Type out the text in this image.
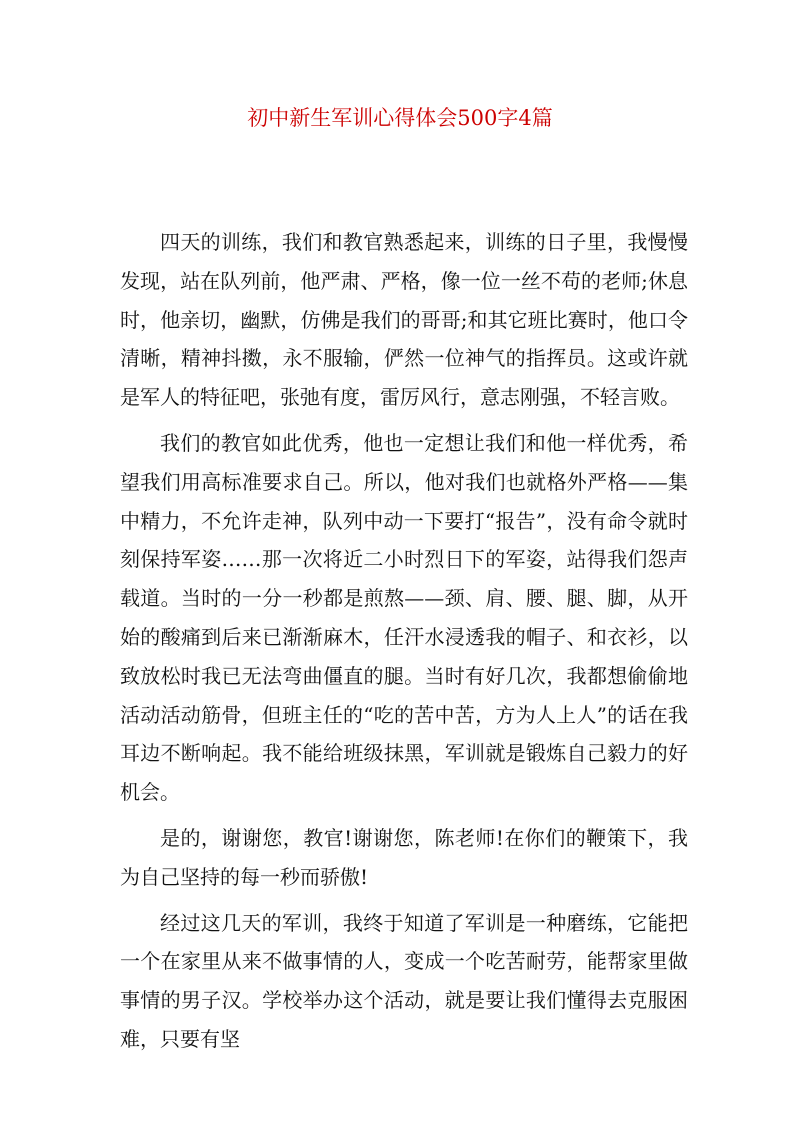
初中新生军训心得体会500字4篇

四天的训练，我们和教官熟悉起来，训练的日子里，我慢慢发现，站在队列前，他严肃、严格，像一位一丝不苟的老师;休息时，他亲切，幽默，仿佛是我们的哥哥;和其它班比赛时，他口令清晰，精神抖擞，永不服输，俨然一位神气的指挥员。这或许就是军人的特征吧，张弛有度，雷厉风行，意志刚强，不轻言败。

我们的教官如此优秀，他也一定想让我们和他一样优秀，希望我们用高标准要求自己。所以，他对我们也就格外严格——集中精力，不允许走神，队列中动一下要打“报告”，没有命令就时刻保持军姿……那一次将近二小时烈日下的军姿，站得我们怨声载道。当时的一分一秒都是煎熬——颈、肩、腰、腿、脚，从开始的酸痛到后来已渐渐麻木，任汗水浸透我的帽子、和衣衫，以致放松时我已无法弯曲僵直的腿。当时有好几次，我都想偷偷地活动活动筋骨，但班主任的“吃的苦中苦，方为人上人”的话在我耳边不断响起。我不能给班级抹黑，军训就是锻炼自己毅力的好机会。

是的，谢谢您，教官!谢谢您，陈老师!在你们的鞭策下，我为自己坚持的每一秒而骄傲!

经过这几天的军训，我终于知道了军训是一种磨练，它能把一个在家里从来不做事情的人，变成一个吃苦耐劳，能帮家里做事情的男子汉。学校举办这个活动，就是要让我们懂得去克服困难，只要有坚
